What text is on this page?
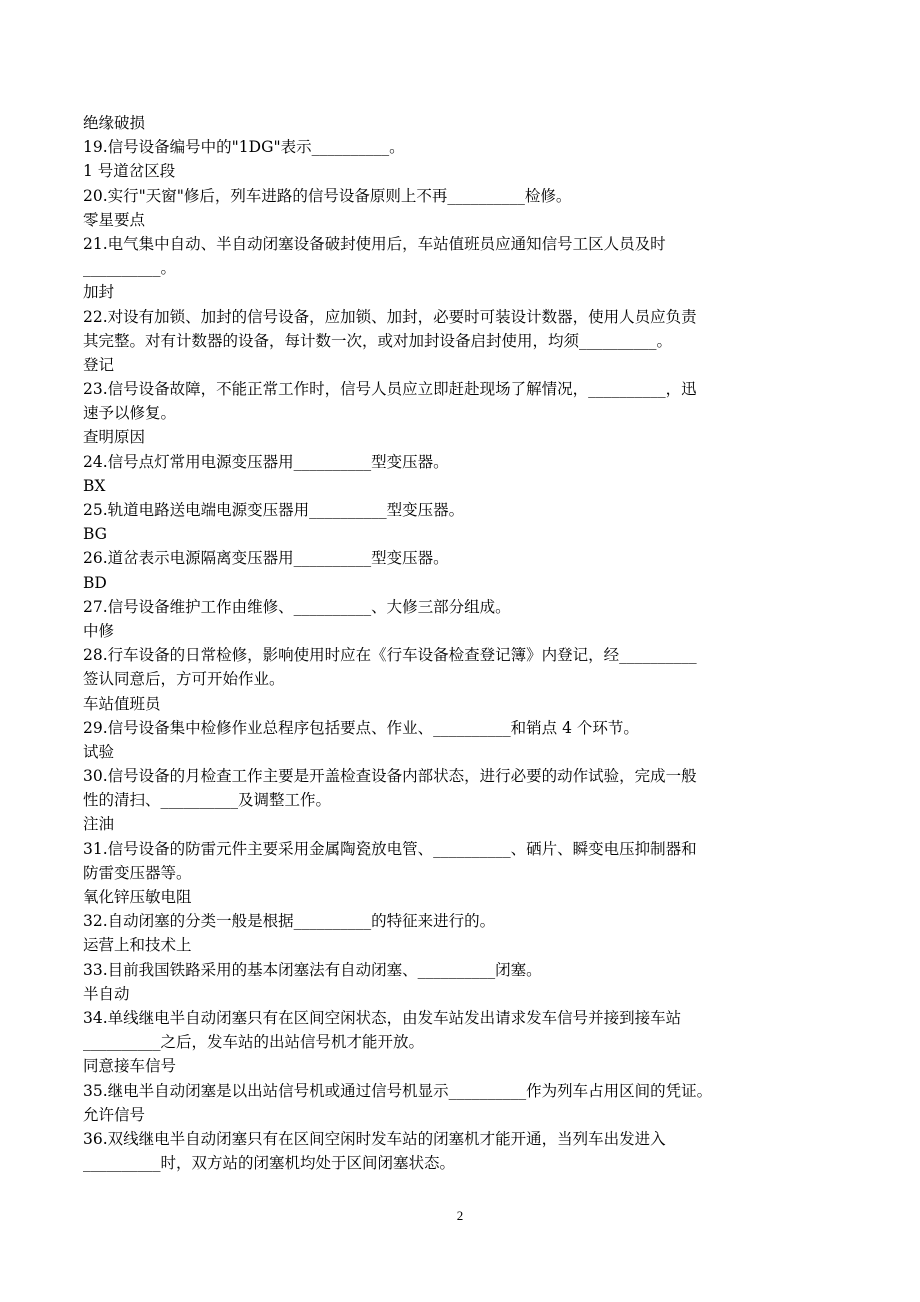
绝缘破损
19.信号设备编号中的"1DG"表示__________。
1 号道岔区段
20.实行"天窗"修后，列车进路的信号设备原则上不再__________检修。
零星要点
21.电气集中自动、半自动闭塞设备破封使用后，车站值班员应通知信号工区人员及时
__________。
加封
22.对设有加锁、加封的信号设备，应加锁、加封，必要时可装设计数器，使用人员应负责
其完整。对有计数器的设备，每计数一次，或对加封设备启封使用，均须__________。
登记
23.信号设备故障，不能正常工作时，信号人员应立即赶赴现场了解情况，__________，迅
速予以修复。
查明原因
24.信号点灯常用电源变压器用__________型变压器。
BX
25.轨道电路送电端电源变压器用__________型变压器。
BG
26.道岔表示电源隔离变压器用__________型变压器。
BD
27.信号设备维护工作由维修、__________、大修三部分组成。
中修
28.行车设备的日常检修，影响使用时应在《行车设备检查登记簿》内登记，经__________
签认同意后，方可开始作业。
车站值班员
29.信号设备集中检修作业总程序包括要点、作业、__________和销点 4 个环节。
试验
30.信号设备的月检查工作主要是开盖检查设备内部状态，进行必要的动作试验，完成一般
性的清扫、__________及调整工作。
注油
31.信号设备的防雷元件主要采用金属陶瓷放电管、__________、硒片、瞬变电压抑制器和
防雷变压器等。
氧化锌压敏电阻
32.自动闭塞的分类一般是根据__________的特征来进行的。
运营上和技术上
33.目前我国铁路采用的基本闭塞法有自动闭塞、__________闭塞。
半自动
34.单线继电半自动闭塞只有在区间空闲状态，由发车站发出请求发车信号并接到接车站
__________之后，发车站的出站信号机才能开放。
同意接车信号
35.继电半自动闭塞是以出站信号机或通过信号机显示__________作为列车占用区间的凭证。
允许信号
36.双线继电半自动闭塞只有在区间空闲时发车站的闭塞机才能开通，当列车出发进入
__________时，双方站的闭塞机均处于区间闭塞状态。
2
